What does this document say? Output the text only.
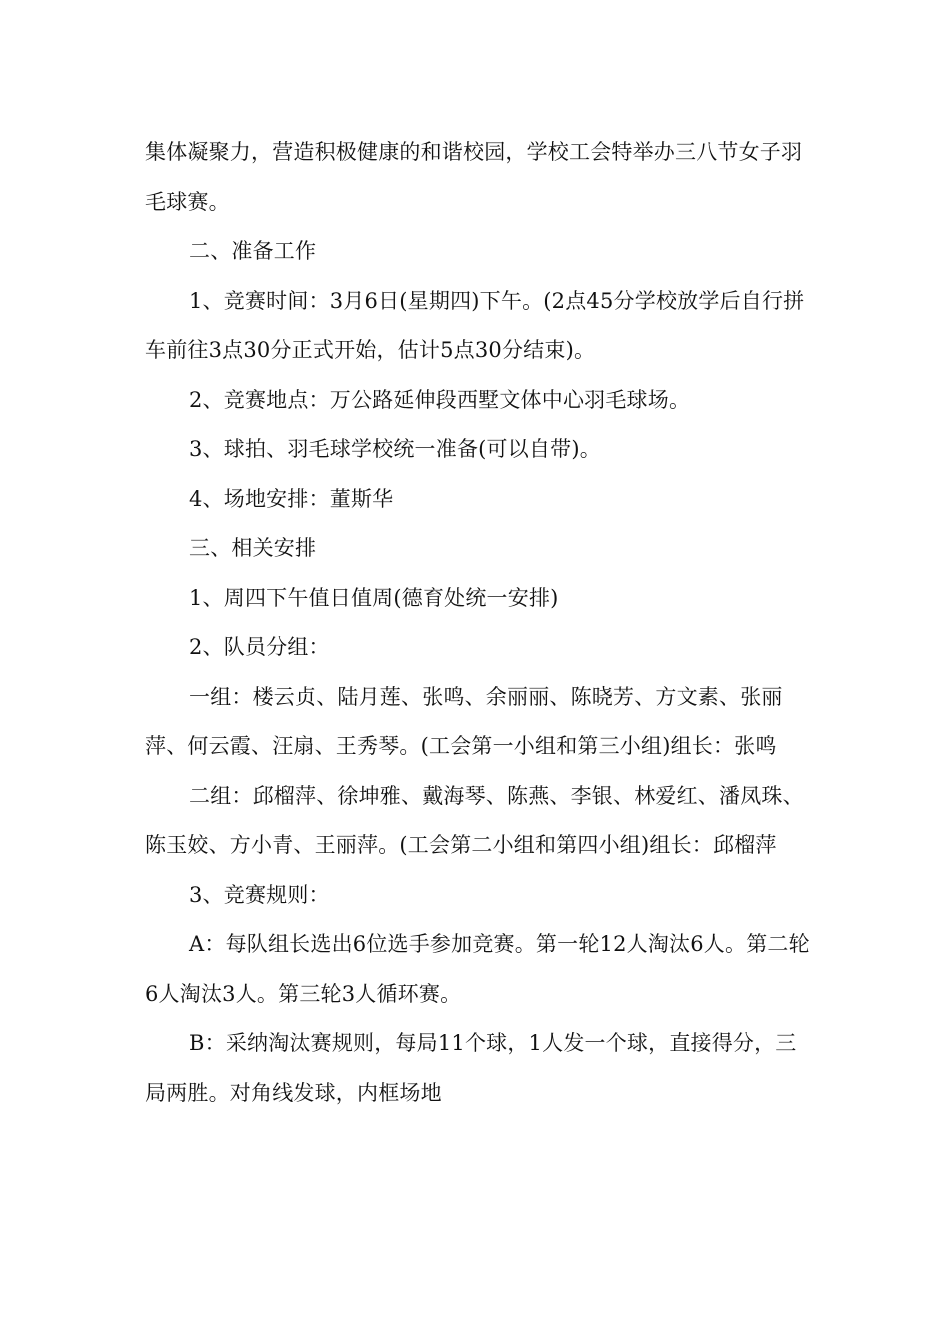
集体凝聚力，营造积极健康的和谐校园，学校工会特举办三八节女子羽毛球赛。

二、准备工作

1、竞赛时间：3月6日(星期四)下午。(2点45分学校放学后自行拼车前往3点30分正式开始，估计5点30分结束)。

2、竞赛地点：万公路延伸段西墅文体中心羽毛球场。

3、球拍、羽毛球学校统一准备(可以自带)。

4、场地安排：董斯华

三、相关安排

1、周四下午值日值周(德育处统一安排)

2、队员分组：

一组：楼云贞、陆月莲、张鸣、余丽丽、陈晓芳、方文素、张丽萍、何云霞、汪扇、王秀琴。(工会第一小组和第三小组)组长：张鸣

二组：邱榴萍、徐坤雅、戴海琴、陈燕、李银、林爱红、潘凤珠、陈玉姣、方小青、王丽萍。(工会第二小组和第四小组)组长：邱榴萍

3、竞赛规则：

A：每队组长选出6位选手参加竞赛。第一轮12人淘汰6人。第二轮6人淘汰3人。第三轮3人循环赛。

B：采纳淘汰赛规则，每局11个球，1人发一个球，直接得分，三局两胜。对角线发球，内框场地
